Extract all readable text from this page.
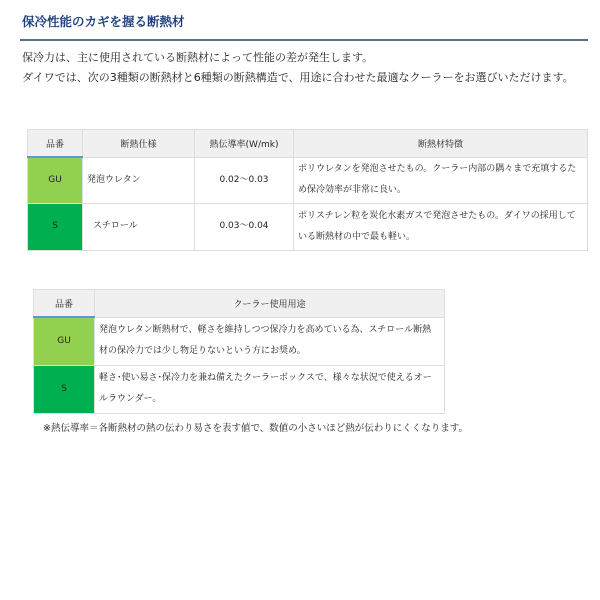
保冷性能のカギを握る断熱材
保冷力は、主に使用されている断熱材によって性能の差が発生します。
ダイワでは、次の3種類の断熱材と6種類の断熱構造で、用途に合わせた最適なクーラーをお選びいただけます。
品番	断熱仕様	熱伝導率(W/mk)	断熱材特徴
GU	発泡ウレタン	0.02〜0.03	ポリウレタンを発泡させたもの。クーラー内部の隅々まで充填するため保冷効率が非常に良い。
S	スチロール	0.03〜0.04	ポリスチレン粒を炭化水素ガスで発泡させたもの。ダイワの採用している断熱材の中で最も軽い。
品番	クーラー使用用途
GU	発泡ウレタン断熱材で、軽さを維持しつつ保冷力を高めている為、スチロール断熱材の保冷力では少し物足りないという方にお奨め。
S	軽さ･使い易さ･保冷力を兼ね備えたクーラーボックスで、様々な状況で使えるオールラウンダー。
※熱伝導率＝各断熱材の熱の伝わり易さを表す値で、数値の小さいほど熱が伝わりにくくなります。
